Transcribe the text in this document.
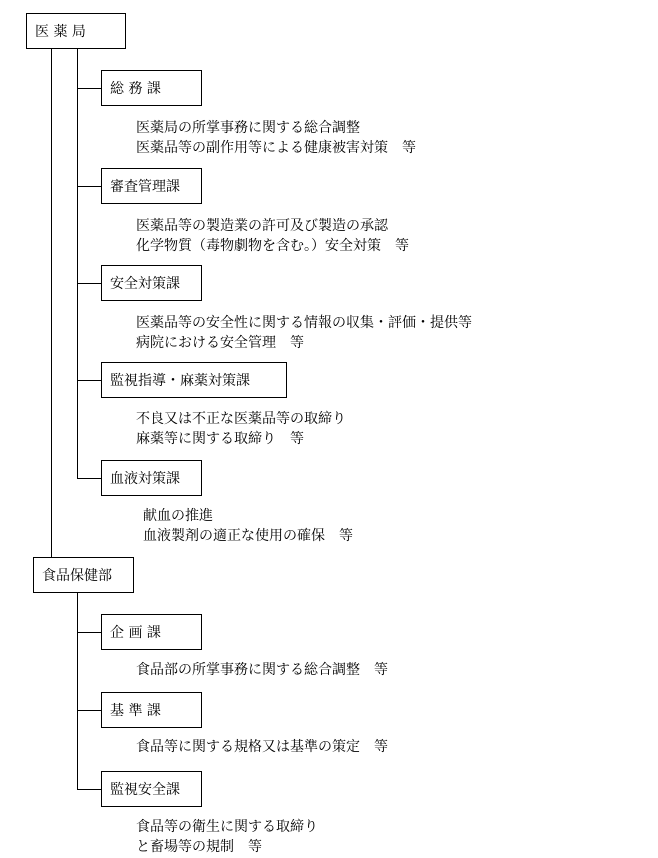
医 薬 局
総 務 課
医薬局の所掌事務に関する総合調整
医薬品等の副作用等による健康被害対策　等
審査管理課
医薬品等の製造業の許可及び製造の承認
化学物質（毒物劇物を含む。）安全対策　等
安全対策課
医薬品等の安全性に関する情報の収集・評価・提供等
病院における安全管理　等
監視指導・麻薬対策課
不良又は不正な医薬品等の取締り
麻薬等に関する取締り　等
血液対策課
献血の推進
血液製剤の適正な使用の確保　等
食品保健部
企 画 課
食品部の所掌事務に関する総合調整　等
基 準 課
食品等に関する規格又は基準の策定　等
監視安全課
食品等の衛生に関する取締り
と畜場等の規制　等
